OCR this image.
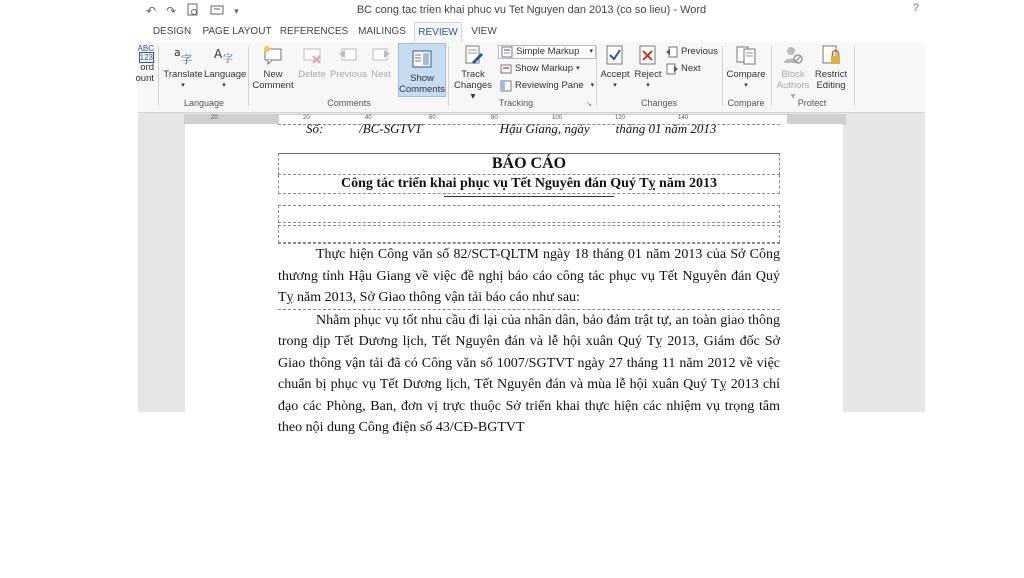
↶ ↷	▾	BC cong tac trien khai phuc vu Tet Nguyen dan 2013 (co so lieu) - Word	?
DESIGN	PAGE LAYOUT REFERENCES MAILINGS	REVIEW	VIEW
ABC
123
ord
ount
a
字
Translate
▾
A 字
Language
▾
Language
New
Comment
Delete Previous Next	Show
Comments
Comments
Track
Changes ▾
Simple Markup ▾
Show Markup ▾
Reviewing Pane ▾
Tracking	↘
Accept
▾
Reject
▾
Previous
Next
Changes
Compare
▾
Compare
Block
Authors ▾
Restrict
Editing
Protect
20	20	40	60	80	100	120	140
Số:           /BC-SGTVT                        Hậu Giang, ngày        tháng 01 năm 2013
BÁO CÁO
Công tác triển khai phục vụ Tết Nguyên đán Quý Tỵ năm 2013
Thực hiện Công văn số 82/SCT-QLTM ngày 18 tháng 01 năm 2013 của Sở Công thương tỉnh Hậu Giang về việc đề nghị báo cáo công tác phục vụ Tết Nguyên đán Quý Tỵ năm 2013, Sở Giao thông vận tải báo cáo như sau:
Nhằm phục vụ tốt nhu cầu đi lại của nhân dân, bảo đảm trật tự, an toàn giao thông trong dịp Tết Dương lịch, Tết Nguyên đán và lễ hội xuân Quý Tỵ 2013, Giám đốc Sở Giao thông vận tải đã có Công văn số 1007/SGTVT ngày 27 tháng 11 năm 2012 về việc chuẩn bị phục vụ Tết Dương lịch, Tết Nguyên đán và mùa lễ hội xuân Quý Tỵ 2013 chỉ đạo các Phòng, Ban, đơn vị trực thuộc Sở triển khai thực hiện các nhiệm vụ trọng tâm theo nội dung Công điện số 43/CĐ-BGTVT
